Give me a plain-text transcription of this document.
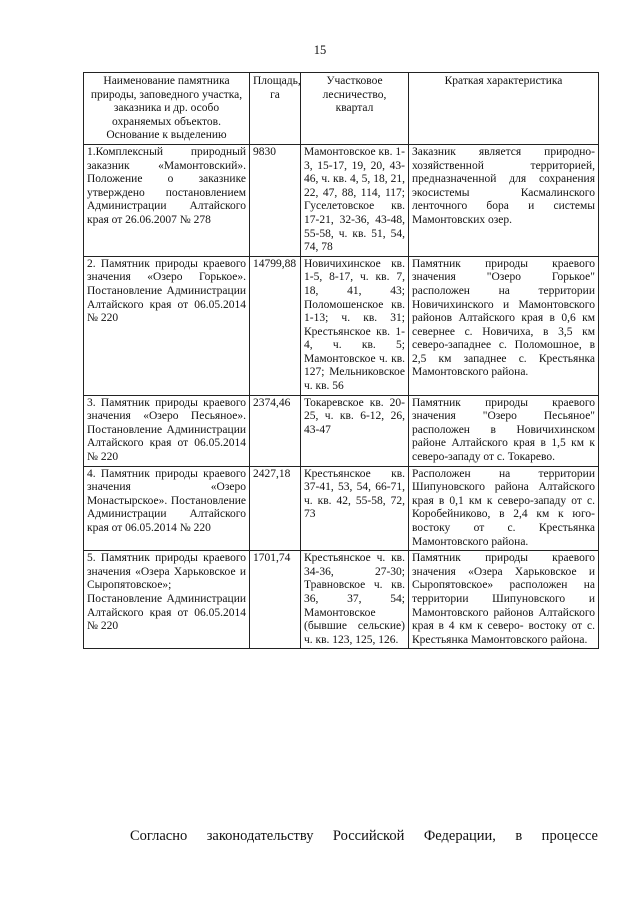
15
Наименование памятника природы, заповедного участка, заказника и др. особо охраняемых объектов. Основание к выделению	Площадь, га	Участковое лесничество, квартал	Краткая характеристика
1.Комплексный природный заказник «Мамонтовский». Положение о заказнике утверждено постановлением Администрации Алтайского края от 26.06.2007 № 278	9830	Мамонтовское кв. 1-3, 15-17, 19, 20, 43-46, ч. кв. 4, 5, 18, 21, 22, 47, 88, 114, 117; Гуселетовское кв. 17-21, 32-36, 43-48, 55-58, ч. кв. 51, 54, 74, 78	Заказник является природно-хозяйственной территорией, предназначенной для сохранения экосистемы Касмалинского ленточного бора и системы Мамонтовских озер.
2. Памятник природы краевого значения «Озеро Горькое». Постановление Администрации Алтайского края от 06.05.2014 № 220	14799,88	Новичихинское кв. 1-5, 8-17, ч. кв. 7, 18, 41, 43; Поломошенское кв. 1-13; ч. кв. 31; Крестьянское кв. 1-4, ч. кв. 5; Мамонтовское ч. кв. 127; Мельниковское ч. кв. 56	Памятник природы краевого значения "Озеро Горькое" расположен на территории Новичихинского и Мамонтовского районов Алтайского края в 0,6 км севернее с. Новичиха, в 3,5 км северо-западнее с. Поломошное, в 2,5 км западнее с. Крестьянка Мамонтовского района.
3. Памятник природы краевого значения «Озеро Песьяное». Постановление Администрации Алтайского края от 06.05.2014 № 220	2374,46	Токаревское кв. 20-25, ч. кв. 6-12, 26, 43-47	Памятник природы краевого значения "Озеро Песьяное" расположен в Новичихинском районе Алтайского края в 1,5 км к северо-западу от с. Токарево.
4. Памятник природы краевого значения «Озеро Монастырское». Постановление Администрации Алтайского края от 06.05.2014 № 220	2427,18	Крестьянское кв. 37-41, 53, 54, 66-71, ч. кв. 42, 55-58, 72, 73	Расположен на территории Шипуновского района Алтайского края в 0,1 км к северо-западу от с. Коробейниково, в 2,4 км к юго-востоку от с. Крестьянка Мамонтовского района.
5. Памятник природы краевого значения «Озера Харьковское и Сыропятовское»; Постановление Администрации Алтайского края от 06.05.2014 № 220	1701,74	Крестьянское ч. кв. 34-36, 27-30; Травновское ч. кв. 36, 37, 54; Мамонтовское (бывшие сельские) ч. кв. 123, 125, 126.	Памятник природы краевого значения «Озера Харьковское и Сыропятовское» расположен на территории Шипуновского и Мамонтовского районов Алтайского края в 4 км к северо- востоку от с. Крестьянка Мамонтовского района.
Согласно законодательству Российской Федерации, в процессе
